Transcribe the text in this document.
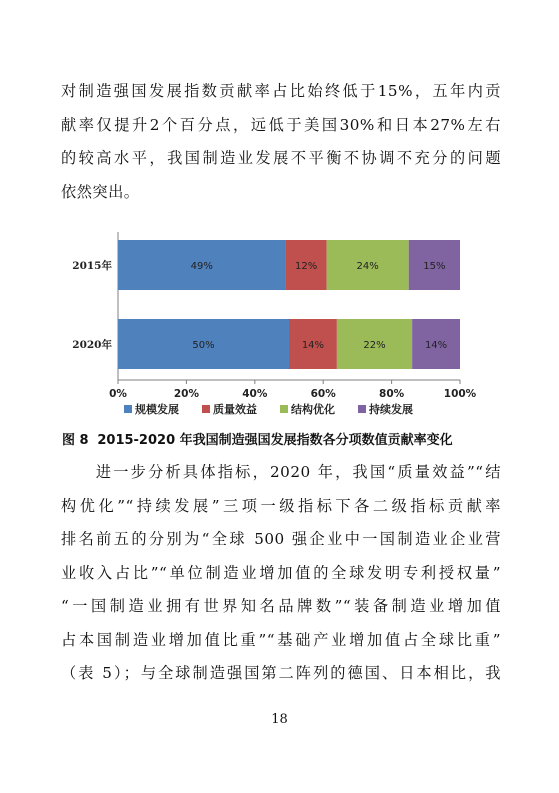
对制造强国发展指数贡献率占比始终低于15%，五年内贡
献率仅提升2个百分点，远低于美国30%和日本27%左右
的较高水平，我国制造业发展不平衡不协调不充分的问题
依然突出。
0%	20%	40%	60%	80%	100%
2015年	49%	12%	24%	15%
2020年	50%	14%	22%	14%
规模发展	质量效益	结构优化	持续发展
图 8 2015-2020 年我国制造强国发展指数各分项数值贡献率变化
　　进一步分析具体指标，2020 年，我国“质量效益”“结
构优化”“持续发展”三项一级指标下各二级指标贡献率
排名前五的分别为“全球 500 强企业中一国制造业企业营
业收入占比”“单位制造业增加值的全球发明专利授权量”
“一国制造业拥有世界知名品牌数”“装备制造业增加值
占本国制造业增加值比重”“基础产业增加值占全球比重”
（表 5）；与全球制造强国第二阵列的德国、日本相比，我
18
